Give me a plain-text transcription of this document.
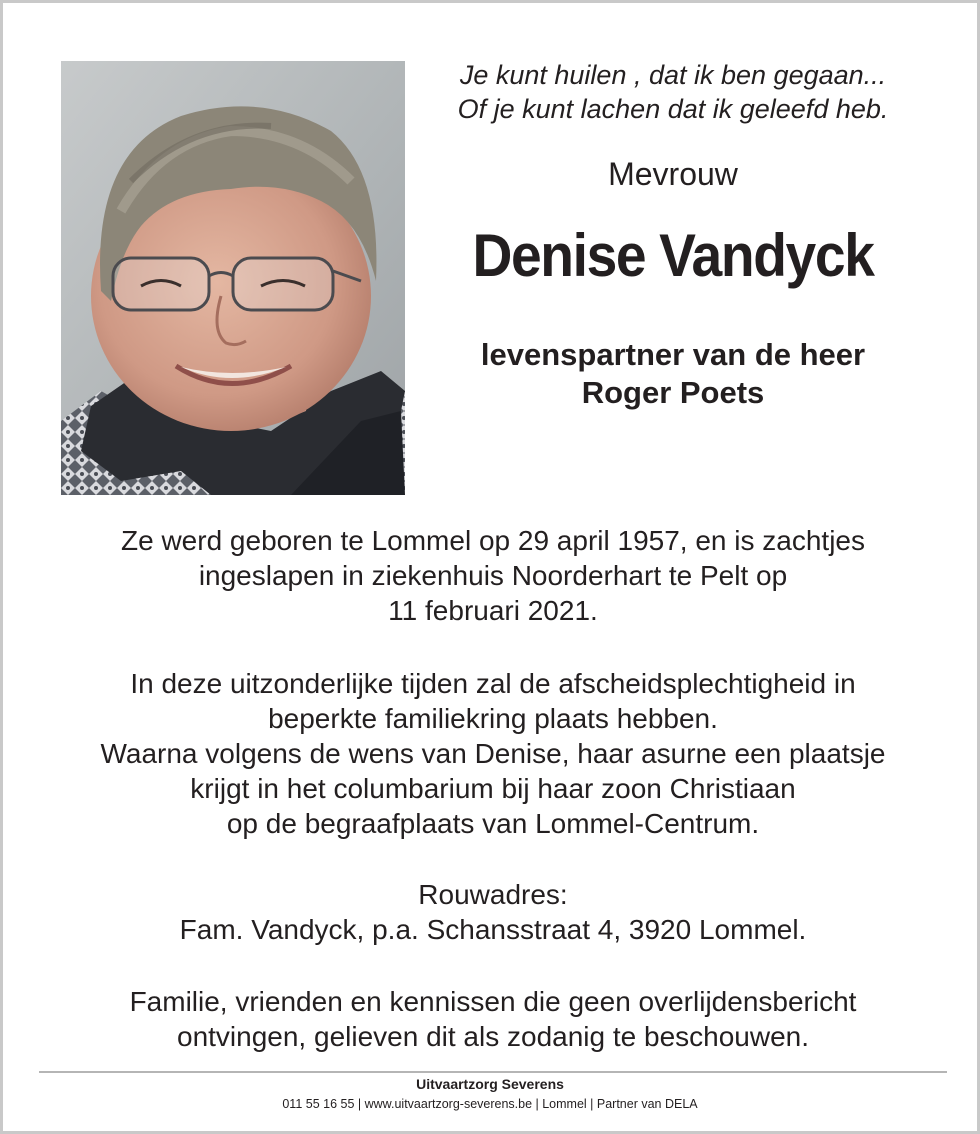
Je kunt huilen , dat ik ben gegaan...
Of je kunt lachen dat ik geleefd heb.
Mevrouw
Denise Vandyck
levenspartner van de heer
Roger Poets
Ze werd geboren te Lommel op 29 april 1957, en is zachtjes
ingeslapen in ziekenhuis Noorderhart te Pelt op
11 februari 2021.
In deze uitzonderlijke tijden zal de afscheidsplechtigheid in
beperkte familiekring plaats hebben.
Waarna volgens de wens van Denise, haar asurne een plaatsje
krijgt in het columbarium bij haar zoon Christiaan
op de begraafplaats van Lommel-Centrum.
Rouwadres:
Fam. Vandyck, p.a. Schansstraat 4, 3920 Lommel.
Familie, vrienden en kennissen die geen overlijdensbericht
ontvingen, gelieven dit als zodanig te beschouwen.
Uitvaartzorg Severens
011 55 16 55 | www.uitvaartzorg-severens.be | Lommel | Partner van DELA
